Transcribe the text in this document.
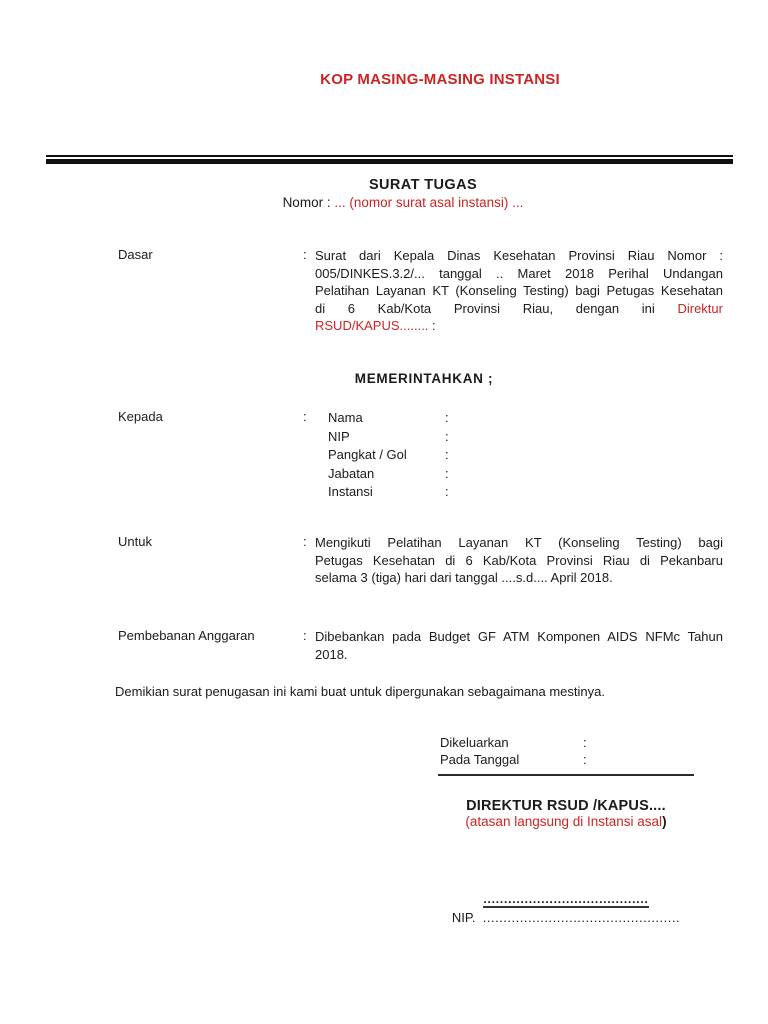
KOP MASING-MASING INSTANSI
SURAT TUGAS
Nomor : ... (nomor surat asal instansi) ...
Dasar	: Surat dari Kepala Dinas Kesehatan Provinsi Riau Nomor :
005/DINKES.3.2/... tanggal .. Maret 2018 Perihal Undangan
Pelatihan Layanan KT (Konseling Testing) bagi Petugas Kesehatan
di 6 Kab/Kota Provinsi Riau, dengan ini Direktur
RSUD/KAPUS........ :
MEMERINTAHKAN ;
Kepada	: Nama	:
NIP	:
Pangkat / Gol	:
Jabatan	:
Instansi	:
Untuk	: Mengikuti Pelatihan Layanan KT (Konseling Testing) bagi
Petugas Kesehatan di 6 Kab/Kota Provinsi Riau di Pekanbaru
selama 3 (tiga) hari dari tanggal ....s.d.... April 2018.
Pembebanan Anggaran	: Dibebankan pada Budget GF ATM Komponen AIDS NFMc Tahun
2018.
Demikian surat penugasan ini kami buat untuk dipergunakan sebagaimana mestinya.
Dikeluarkan	:
Pada Tanggal	:
DIREKTUR RSUD /KAPUS....
(atasan langsung di Instansi asal)
........................................
NIP. ................................................
